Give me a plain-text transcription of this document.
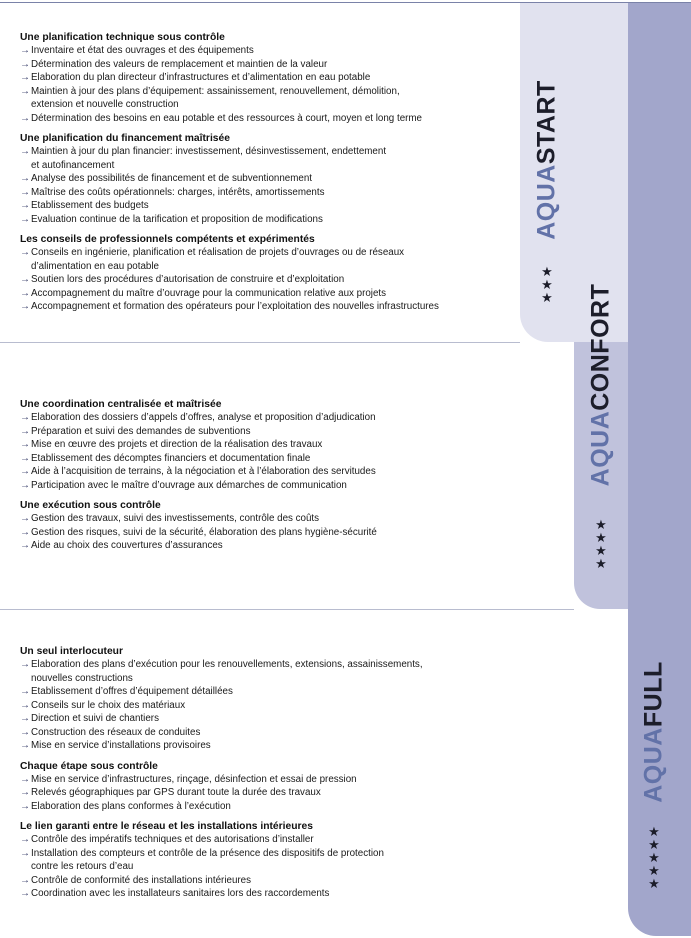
AQUASTART
★
★
★
AQUACONFORT
★
★
★
★
AQUAFULL
★
★
★
★
★
Une planification technique sous contrôle
→ Inventaire et état des ouvrages et des équipements
→ Détermination des valeurs de remplacement et maintien de la valeur
→ Elaboration du plan directeur d’infrastructures et d’alimentation en eau potable
→ Maintien à jour des plans d’équipement: assainissement, renouvellement, démolition,
extension et nouvelle construction
→ Détermination des besoins en eau potable et des ressources à court, moyen et long terme
Une planification du financement maîtrisée
→ Maintien à jour du plan financier: investissement, désinvestissement, endettement
et autofinancement
→ Analyse des possibilités de financement et de subventionnement
→ Maîtrise des coûts opérationnels: charges, intérêts, amortissements
→ Etablissement des budgets
→ Evaluation continue de la tarification et proposition de modifications
Les conseils de professionnels compétents et expérimentés
→ Conseils en ingénierie, planification et réalisation de projets d’ouvrages ou de réseaux
d’alimentation en eau potable
→ Soutien lors des procédures d’autorisation de construire et d’exploitation
→ Accompagnement du maître d’ouvrage pour la communication relative aux projets
→ Accompagnement et formation des opérateurs pour l’exploitation des nouvelles infrastructures
Une coordination centralisée et maîtrisée
→ Elaboration des dossiers d’appels d’offres, analyse et proposition d’adjudication
→ Préparation et suivi des demandes de subventions
→ Mise en œuvre des projets et direction de la réalisation des travaux
→ Etablissement des décomptes financiers et documentation finale
→ Aide à l’acquisition de terrains, à la négociation et à l’élaboration des servitudes
→ Participation avec le maître d’ouvrage aux démarches de communication
Une exécution sous contrôle
→ Gestion des travaux, suivi des investissements, contrôle des coûts
→ Gestion des risques, suivi de la sécurité, élaboration des plans hygiène-sécurité
→ Aide au choix des couvertures d’assurances
Un seul interlocuteur
→ Elaboration des plans d’exécution pour les renouvellements, extensions, assainissements,
nouvelles constructions
→ Etablissement d’offres d’équipement détaillées
→ Conseils sur le choix des matériaux
→ Direction et suivi de chantiers
→ Construction des réseaux de conduites
→ Mise en service d’installations provisoires
Chaque étape sous contrôle
→ Mise en service d’infrastructures, rinçage, désinfection et essai de pression
→ Relevés géographiques par GPS durant toute la durée des travaux
→ Elaboration des plans conformes à l’exécution
Le lien garanti entre le réseau et les installations intérieures
→ Contrôle des impératifs techniques et des autorisations d’installer
→ Installation des compteurs et contrôle de la présence des dispositifs de protection
contre les retours d’eau
→ Contrôle de conformité des installations intérieures
→ Coordination avec les installateurs sanitaires lors des raccordements
